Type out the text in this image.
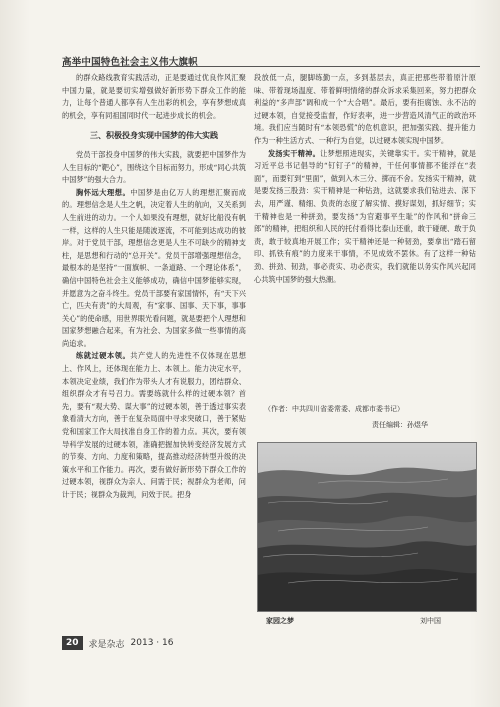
高举中国特色社会主义伟大旗帜

的群众路线教育实践活动，正是要通过优良作风汇聚中国力量，就是要切实增强做好新形势下群众工作的能力，让每个普通人都享有人生出彩的机会，享有梦想成真的机会，享有同祖国同时代一起进步成长的机会。

三、积极投身实现中国梦的伟大实践

党员干部投身中国梦的伟大实践，就要把中国梦作为人生目标的“靶心”，围绕这个目标而努力，形成“同心共筑中国梦”的强大合力。

胸怀远大理想。中国梦是由亿万人的理想汇聚而成的。理想信念是人生之帆，决定着人生的航向，又关系到人生前进的动力。一个人如果没有理想，就好比船没有帆一样，这样的人生只能是随波逐流，不可能到达成功的彼岸。对于党员干部，理想信念更是人生不可缺少的精神支柱，是思想和行动的“总开关”。党员干部增强理想信念，最根本的是坚持“一面旗帜、一条道路、一个理论体系”，确信中国特色社会主义能够成功，确信中国梦能够实现，并愿意为之奋斗终生。党员干部要有家国情怀，有“天下兴亡，匹夫有责”的大局观，有“家事、国事、天下事，事事关心”的使命感，用世界眼光看问题，就是要把个人理想和国家梦想融合起来，有为社会、为国家多做一些事情的高尚追求。

练就过硬本领。共产党人的先进性不仅体现在思想上、作风上，还体现在能力上、本领上。能力决定水平，本领决定业绩，我们作为带头人才有说服力，团结群众、组织群众才有号召力。需要练就什么样的过硬本领？首先，要有“观大势、谋大事”的过硬本领，善于透过事实表象看清大方向，善于在复杂局面中寻求突破口，善于紧贴党和国家工作大局找准自身工作的着力点。其次，要有领导科学发展的过硬本领，准确把握加快转变经济发展方式的节奏、方向、力度和策略，提高推动经济转型升级的决策水平和工作能力。再次，要有做好新形势下群众工作的过硬本领，视群众为亲人、问需于民；视群众为老师，问计于民；视群众为裁判，问效于民。把身

段放低一点，腿脚练勤一点，多到基层去，真正把那些带着原汁原味、带着现场温度、带着鲜明情绪的群众诉求采集回来，努力把群众利益的“多声部”调和成一个“大合唱”。最后，要有拒腐蚀、永不沾的过硬本领，自觉接受监督，作好表率，进一步营造风清气正的政治环境。我们应当随时有“本领恐慌”的危机意识，把加强实践、提升能力作为一种生活方式、一种行为自觉，以过硬本领实现中国梦。

发扬实干精神。让梦想照进现实，关键靠实干。实干精神，就是习近平总书记倡导的“钉钉子”的精神，干任何事情都不能浮在“表面”，而要钉到“里面”，做到入木三分、掷而不舍。发扬实干精神，就是要发扬三股劲：实干精神是一种钻劲，这就要求我们钻进去、深下去，用严谨、精细、负责的态度了解实情、摸好谋划，抓好细节；实干精神也是一种拼劲，要发扬“为官避事平生耻”的作风和“拼命三郎”的精神，把组织和人民的托付看得比泰山还重，敢于碰硬、敢于负责，敢于较真地开展工作；实干精神还是一种韧劲，要拿出“踏石留印、抓铁有痕”的力度来干事情，不见成效不罢休。有了这样一种钻劲、拼劲、韧劲，事必责实、功必责实，我们就能以务实作风兴起同心共筑中国梦的强大热潮。

（作者：中共四川省委常委、成都市委书记）
责任编辑：孙煜华
家园之梦	刘中国
20	求是杂志 2013 · 16
